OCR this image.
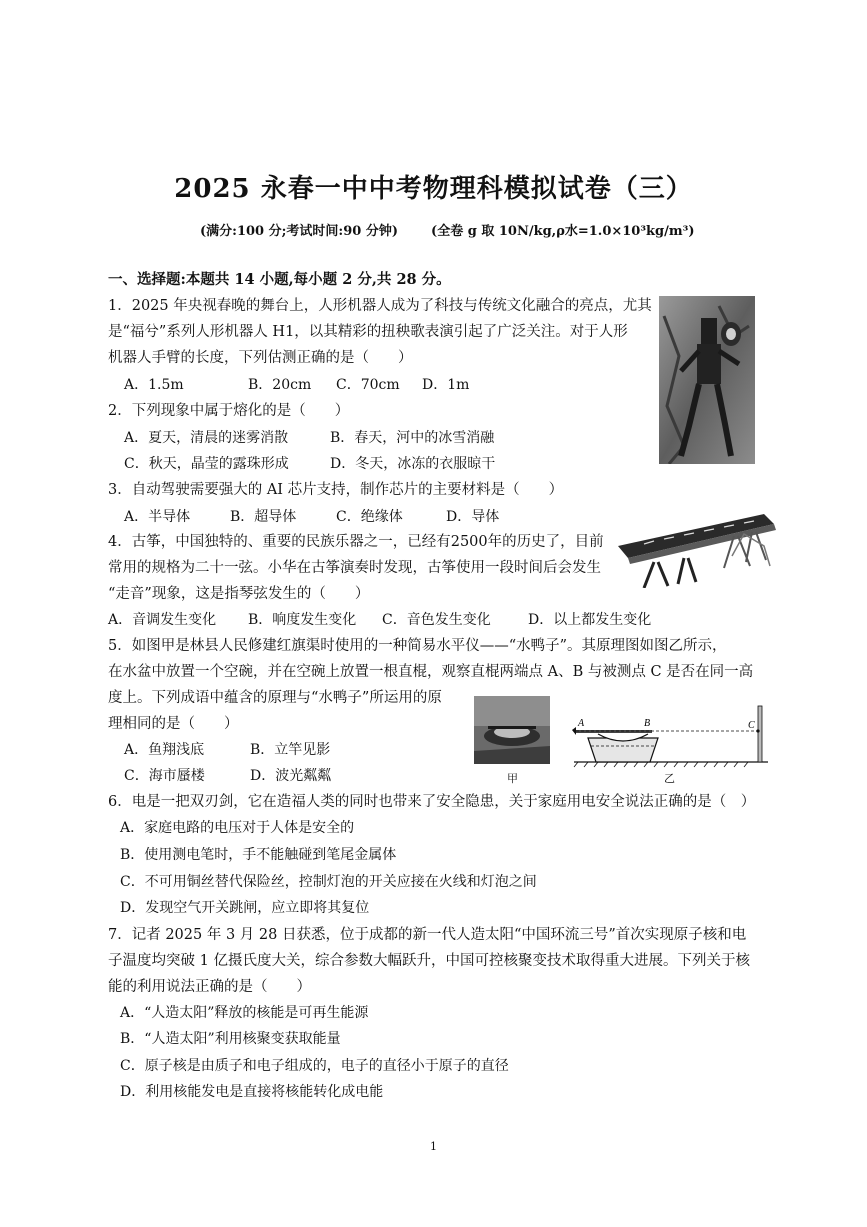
2025 永春一中中考物理科模拟试卷（三）
(满分:100 分;考试时间:90 分钟)	(全卷 g 取 10N/kg,ρ水=1.0×10³kg/m³)
一、选择题:本题共 14 小题,每小题 2 分,共 28 分。
1．2025 年央视春晚的舞台上，人形机器人成为了科技与传统文化融合的亮点，尤其
是“福兮”系列人形机器人 H1，以其精彩的扭秧歌表演引起了广泛关注。对于人形
机器人手臂的长度，下列估测正确的是（　　）
A．1.5m	B．20cm C．70cm D．1m
2．下列现象中属于熔化的是（　　）
A．夏天，清晨的迷雾消散	B．春天，河中的冰雪消融
C．秋天，晶莹的露珠形成	D．冬天，冰冻的衣服晾干
3．自动驾驶需要强大的 AI 芯片支持，制作芯片的主要材料是（　　）
A．半导体	B．超导体	C．绝缘体	D．导体
4．古筝，中国独特的、重要的民族乐器之一，已经有2500年的历史了，目前
常用的规格为二十一弦。小华在古筝演奏时发现，古筝使用一段时间后会发生
“走音”现象，这是指琴弦发生的（　　）
A．音调发生变化 B．响度发生变化 C．音色发生变化	D．以上都发生变化
5．如图甲是林县人民修建红旗渠时使用的一种简易水平仪——“水鸭子”。其原理图如图乙所示，
在水盆中放置一个空碗，并在空碗上放置一根直棍，观察直棍两端点 A、B 与被测点 C 是否在同一高
度上。下列成语中蕴含的原理与“水鸭子”所运用的原
理相同的是（　　）
A．鱼翔浅底	B．立竿见影
C．海市蜃楼	D．波光粼粼	甲
A	B	C
乙
6．电是一把双刃剑，它在造福人类的同时也带来了安全隐患，关于家庭用电安全说法正确的是（　）
A．家庭电路的电压对于人体是安全的
B．使用测电笔时，手不能触碰到笔尾金属体
C．不可用铜丝替代保险丝，控制灯泡的开关应接在火线和灯泡之间
D．发现空气开关跳闸，应立即将其复位
7．记者 2025 年 3 月 28 日获悉，位于成都的新一代人造太阳“中国环流三号”首次实现原子核和电
子温度均突破 1 亿摄氏度大关，综合参数大幅跃升，中国可控核聚变技术取得重大进展。下列关于核
能的利用说法正确的是（　　）
A．“人造太阳”释放的核能是可再生能源
B．“人造太阳”利用核聚变获取能量
C．原子核是由质子和电子组成的，电子的直径小于原子的直径
D．利用核能发电是直接将核能转化成电能
1
